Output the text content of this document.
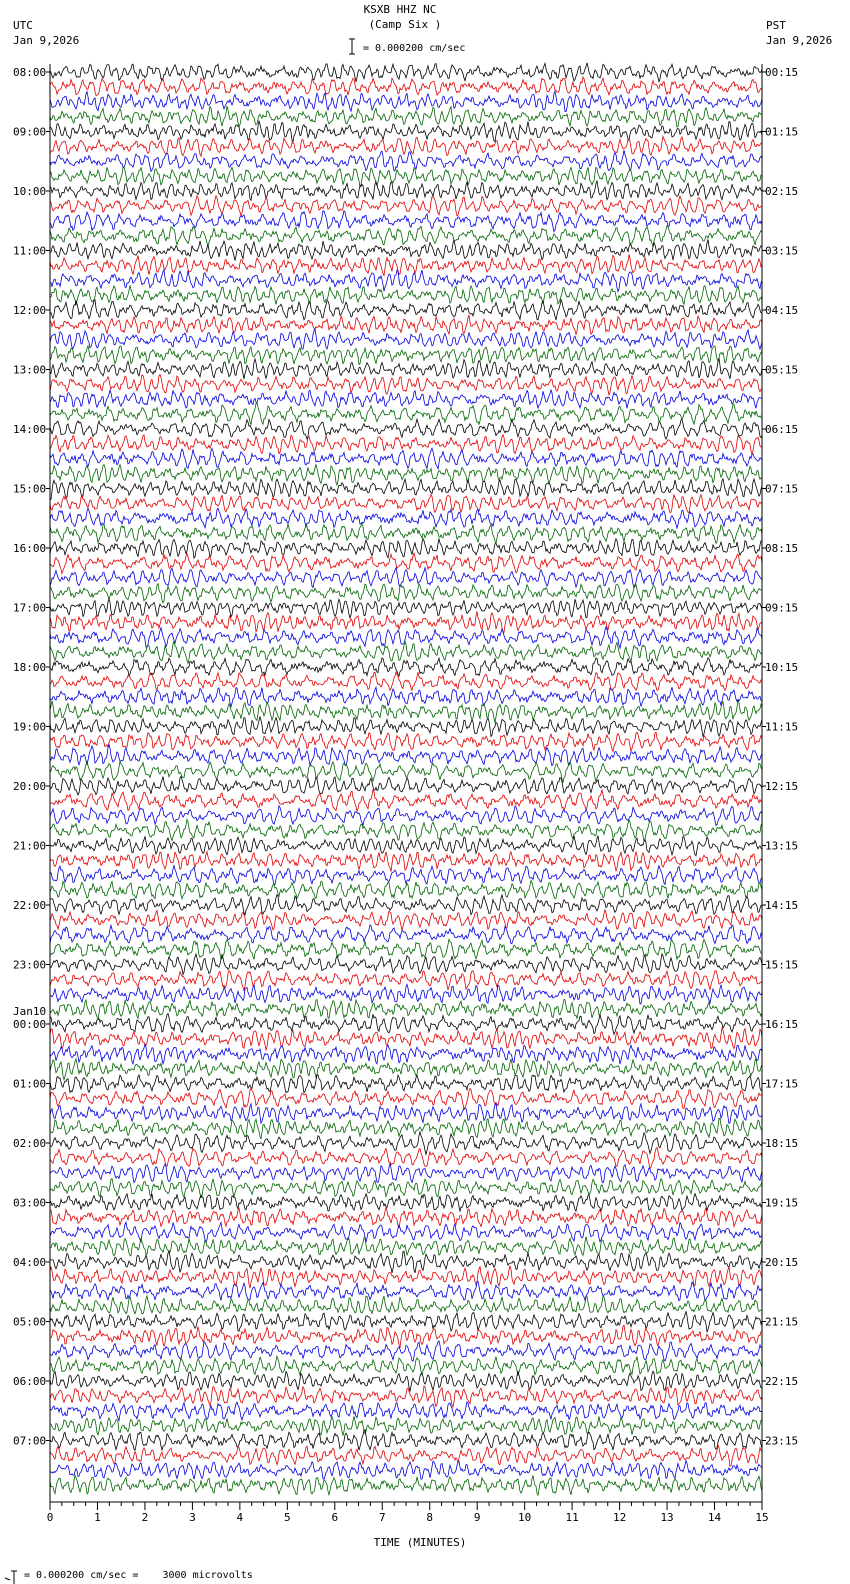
KSXB HHZ NC
(Camp Six )
UTC
Jan 9,2026
PST
Jan 9,2026
= 0.000200 cm/sec
TIME (MINUTES)
= 0.000200 cm/sec =    3000 microvolts
0	1	2	3	4	5	6	7	8	9	10	11	12	13	14	15
08:00	00:15
09:00	01:15
10:00	02:15
11:00	03:15
12:00	04:15
13:00	05:15
14:00	06:15
15:00	07:15
16:00	08:15
17:00	09:15
18:00	10:15
19:00	11:15
20:00	12:15
21:00	13:15
22:00	14:15
23:00	15:15
00:00	16:15
Jan10
01:00	17:15
02:00	18:15
03:00	19:15
04:00	20:15
05:00	21:15
06:00	22:15
07:00	23:15
